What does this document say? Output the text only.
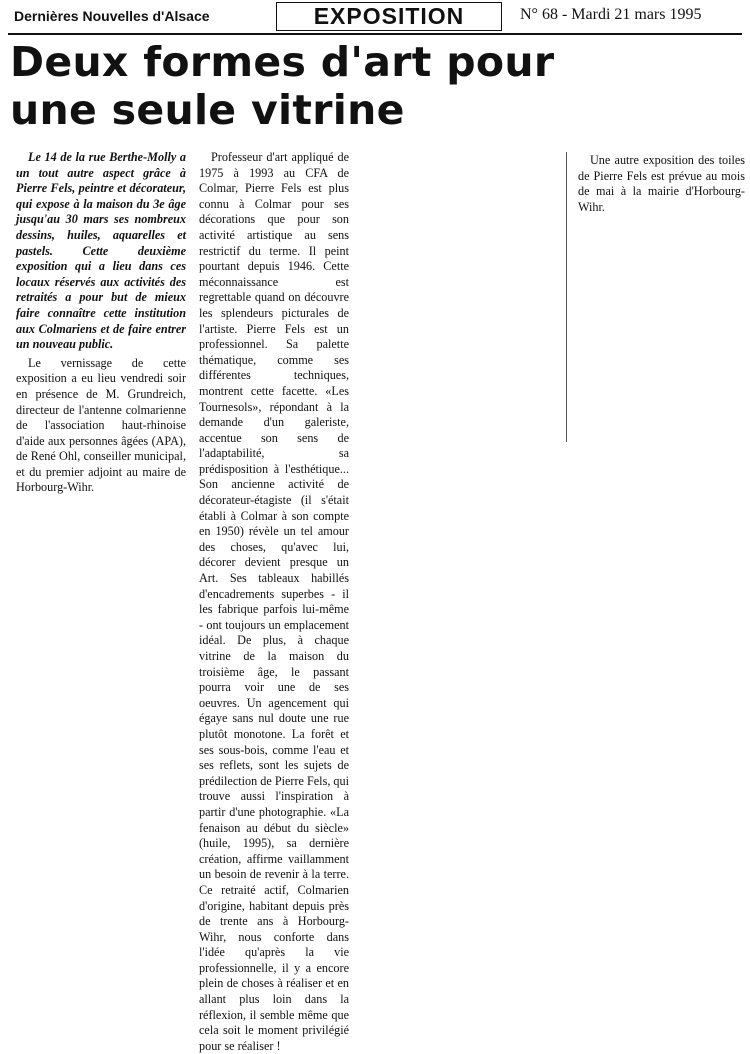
Dernières Nouvelles d'Alsace	EXPOSITION	N° 68 - Mardi 21 mars 1995
Deux formes d'art pour
une seule vitrine

Le 14 de la rue Berthe-Molly a un tout autre aspect grâce à Pierre Fels, peintre et décorateur, qui expose à la maison du 3e âge jusqu'au 30 mars ses nombreux dessins, huiles, aquarelles et pastels. Cette deuxième exposition qui a lieu dans ces locaux réservés aux activités des retraités a pour but de mieux faire connaître cette institution aux Colmariens et de faire entrer un nouveau public.

Le vernissage de cette exposition a eu lieu vendredi soir en présence de M. Grundreich, directeur de l'antenne colmarienne de l'association haut-rhinoise d'aide aux personnes âgées (APA), de René Ohl, conseiller municipal, et du premier adjoint au maire de Horbourg-Wihr.

Professeur d'art appliqué de 1975 à 1993 au CFA de Colmar, Pierre Fels est plus connu à Colmar pour ses décorations que pour son activité artistique au sens restrictif du terme. Il peint pourtant depuis 1946. Cette méconnaissance est regrettable quand on découvre les splendeurs picturales de l'artiste. Pierre Fels est un professionnel. Sa palette thématique, comme ses différentes techniques, montrent cette facette. «Les Tournesols», répondant à la demande d'un galeriste, accentue son sens de l'adaptabilité, sa prédisposition à l'esthétique... Son ancienne activité de décorateur-étagiste (il s'était établi à Colmar à son compte en 1950) révèle un tel amour des choses, qu'avec lui, décorer devient presque un Art. Ses tableaux habillés d'encadrements superbes - il les fabrique parfois lui-même - ont toujours un emplacement idéal. De plus, à chaque vitrine de la maison du troisième âge, le passant pourra voir une de ses oeuvres. Un agencement qui égaye sans nul doute une rue plutôt monotone. La forêt et ses sous-bois, comme l'eau et ses reflets, sont les sujets de prédilection de Pierre Fels, qui trouve aussi l'inspiration à partir d'une photographie. «La fenaison au début du siècle» (huile, 1995), sa dernière création, affirme vaillamment un besoin de revenir à la terre. Ce retraité actif, Colmarien d'origine, habitant depuis près de trente ans à Horbourg-Wihr, nous conforte dans l'idée qu'après la vie professionnelle, il y a encore plein de choses à réaliser et en allant plus loin dans la réflexion, il semble même que cela soit le moment privilégié pour se réaliser !

Une autre exposition des toiles de Pierre Fels est prévue au mois de mai à la mairie d'Horbourg-Wihr.
